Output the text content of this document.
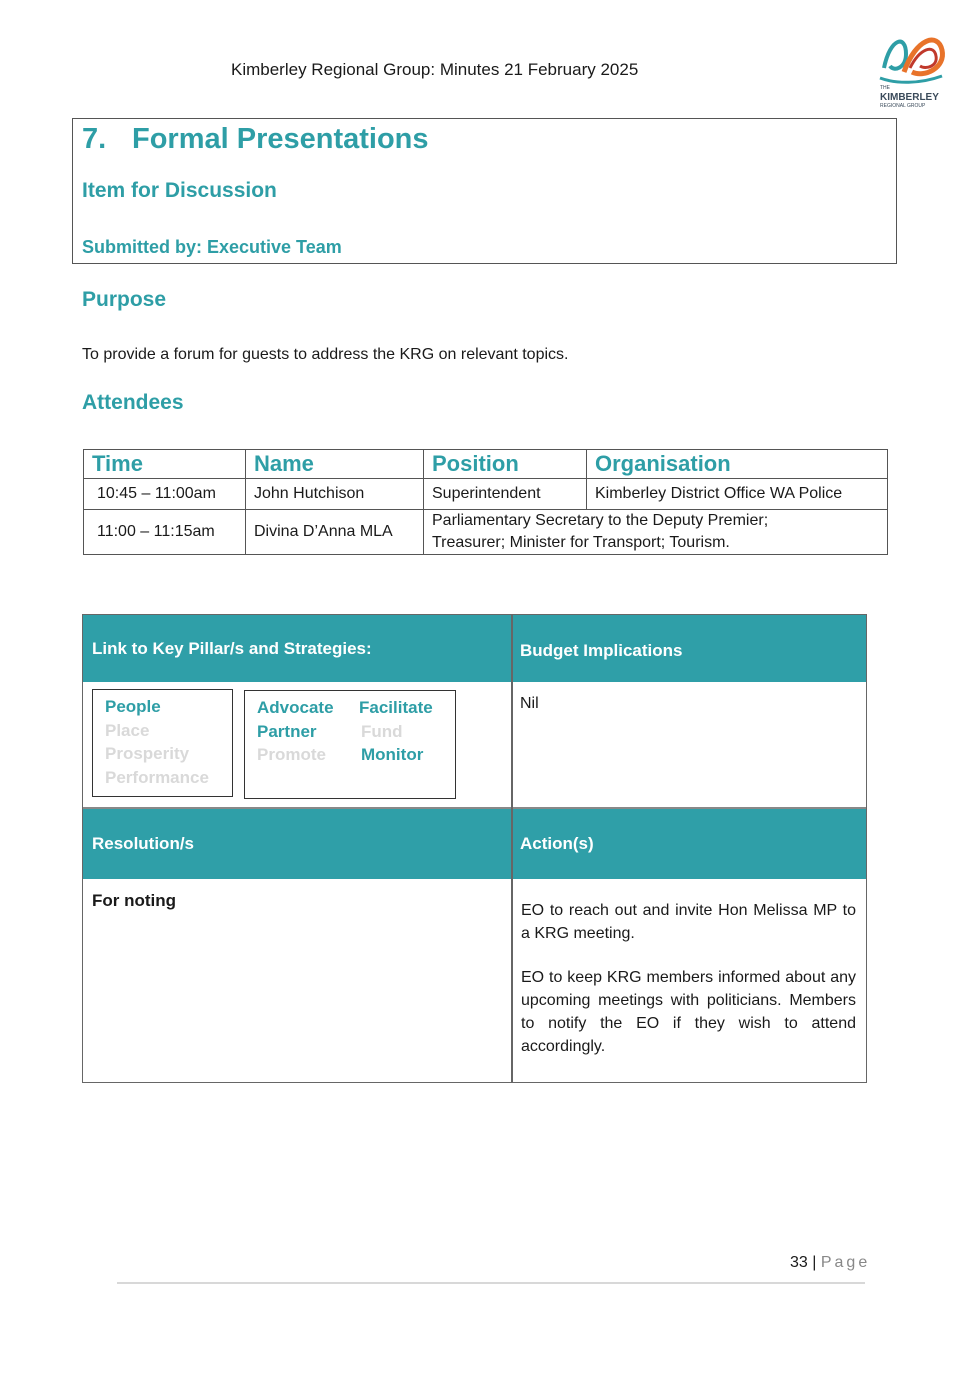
Kimberley Regional Group: Minutes 21 February 2025
THE
KIMBERLEY
REGIONAL GROUP
7. Formal Presentations
Item for Discussion
Submitted by: Executive Team
Purpose
To provide a forum for guests to address the KRG on relevant topics.
Attendees
Time	Name	Position	Organisation
10:45 – 11:00am	John Hutchison	Superintendent	Kimberley District Office WA Police
11:00 – 11:15am	Divina D’Anna MLA	Parliamentary Secretary to the Deputy Premier;
Treasurer; Minister for Transport; Tourism.	
Link to Key Pillar/s and Strategies:	Budget Implications
People
Place
Prosperity
Performance
Advocate
Partner
Promote
Facilitate
Fund
Monitor
Nil
Resolution/s	Action(s)
For noting

EO to reach out and invite Hon Melissa MP to a KRG meeting.

EO to keep KRG members informed about any upcoming meetings with politicians. Members to notify the EO if they wish to attend accordingly.

33 | Page
